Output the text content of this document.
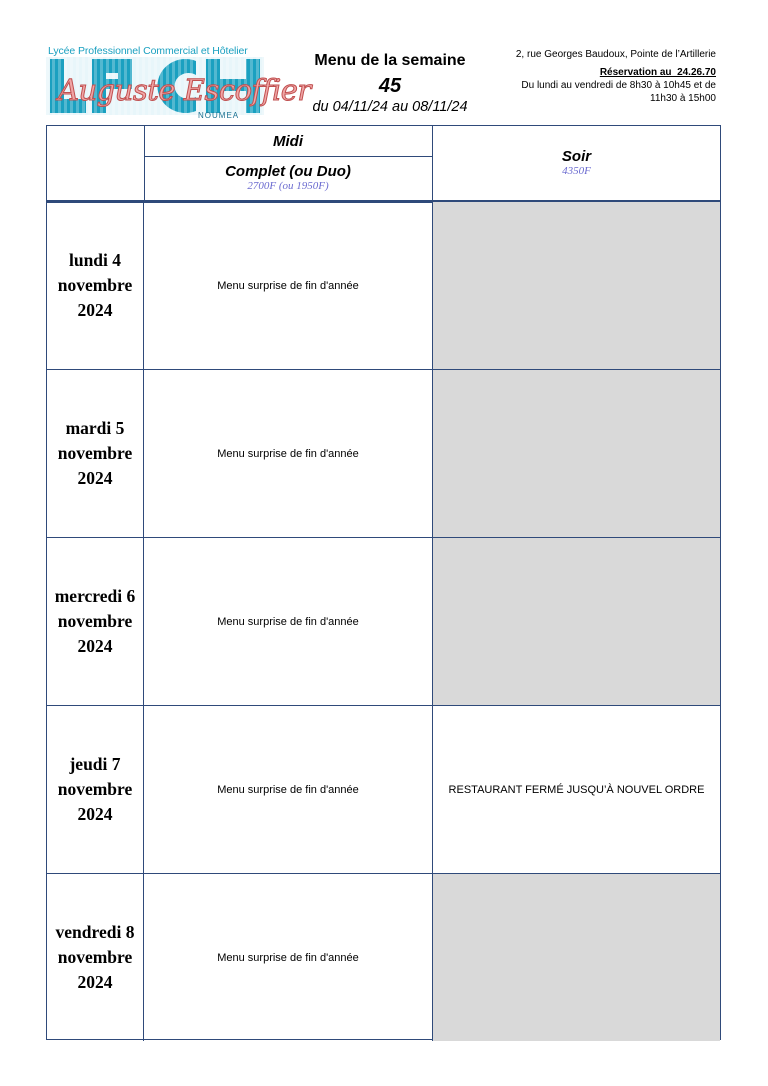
Lycée Professionnel Commercial et Hôtelier
Auguste Escoffier
NOUMEA
Menu de la semaine
45
du 04/11/24 au 08/11/24
2, rue Georges Baudoux, Pointe de l’Artillerie
Réservation au  24.26.70
Du lundi au vendredi de 8h30 à 10h45 et de 11h30 à 15h00
Midi
Complet (ou Duo)
2700F (ou 1950F)
Soir
4350F
lundi 4
novembre
2024
Menu surprise de fin d'année
mardi 5
novembre
2024
Menu surprise de fin d'année
mercredi 6
novembre
2024
Menu surprise de fin d'année
jeudi 7
novembre
2024
Menu surprise de fin d'année	RESTAURANT FERMÉ JUSQU’À NOUVEL ORDRE
vendredi 8
novembre
2024
Menu surprise de fin d'année
